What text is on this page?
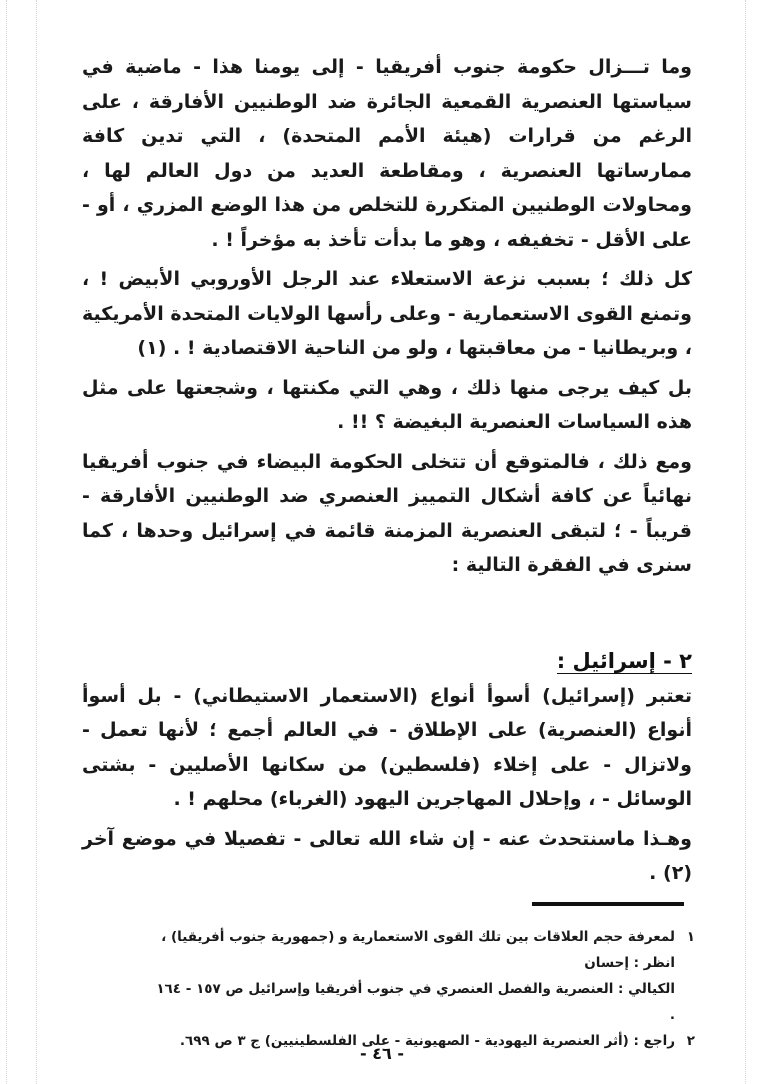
وما تـــزال حكومة جنوب أفريقيا - إلى يومنا هذا - ماضية في سياستها العنصرية القمعية الجائرة ضد الوطنيين الأفارقة ، على الرغم من قرارات (هيئة الأمم المتحدة) ، التي تدين كافة ممارساتها العنصرية ، ومقاطعة العديد من دول العالم لها ، ومحاولات الوطنيين المتكررة للتخلص من هذا الوضع المزري ، أو - على الأقل - تخفيفه ، وهو ما بدأت تأخذ به مؤخراً ! .

كل ذلك ؛ بسبب نزعة الاستعلاء عند الرجل الأوروبي الأبيض ! ، وتمنع القوى الاستعمارية - وعلى رأسها الولايات المتحدة الأمريكية ، وبريطانيا - من معاقبتها ، ولو من الناحية الاقتصادية ! . (١)

بل كيف يرجى منها ذلك ، وهي التي مكنتها ، وشجعتها على مثل هذه السياسات العنصرية البغيضة ؟ !! .

ومع ذلك ، فالمتوقع أن تتخلى الحكومة البيضاء في جنوب أفريقيا نهائياً عن كافة أشكال التمييز العنصري ضد الوطنيين الأفارقة - قريباً - ؛ لتبقى العنصرية المزمنة قائمة في إسرائيل وحدها ، كما سنرى في الفقرة التالية :

٢ - إسرائيل :

تعتبر (إسرائيل) أسوأ أنواع (الاستعمار الاستيطاني) - بل أسوأ أنواع (العنصرية) على الإطلاق - في العالم أجمع ؛ لأنها تعمل - ولاتزال - على إخلاء (فلسطين) من سكانها الأصليين - بشتى الوسائل - ، وإحلال المهاجرين اليهود (الغرباء) محلهم ! .

وهـذا ماسنتحدث عنه - إن شاء الله تعالى - تفصيلا في موضع آخر (٢) .

١
لمعرفة حجم العلاقات بين تلك القوى الاستعمارية و (جمهورية جنوب أفريقيا) ، انظر : إحسان
الكيالي : العنصرية والفصل العنصري في جنوب أفريقيا وإسرائيل ص ١٥٧ - ١٦٤ .
٢
راجع : (أثر العنصرية اليهودية - الصهيونية - على الفلسطينيين) ج ٣ ص ٦٩٩.
- ٤٦ -
